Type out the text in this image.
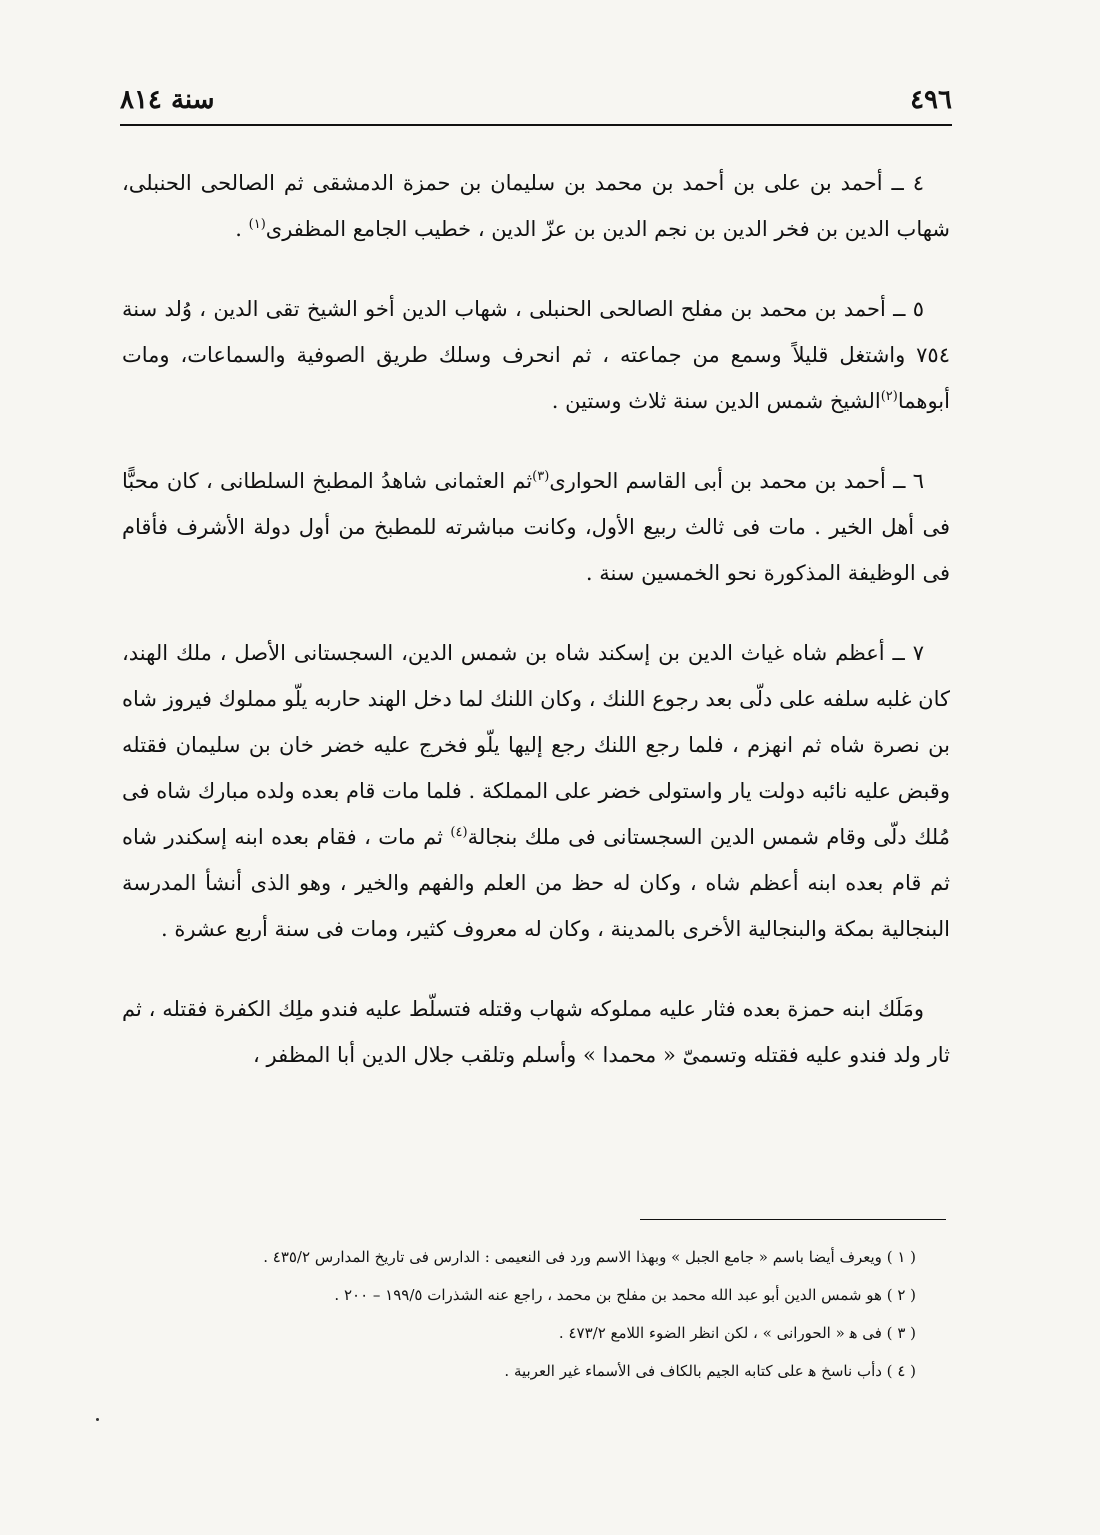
٤٩٦
سنة ٨١٤

٤ ــ أحمد بن على بن أحمد بن محمد بن سليمان بن حمزة الدمشقى ثم الصالحى الحنبلى، شهاب الدين بن فخر الدين بن نجم الدين بن عزّ الدين ، خطيب الجامع المظفرى$^{(١)}$ .

٥ ــ أحمد بن محمد بن مفلح الصالحى الحنبلى ، شهاب الدين أخو الشيخ تقى الدين ، وُلد سنة ٧٥٤ واشتغل قليلاً وسمع من جماعته ، ثم انحرف وسلك طريق الصوفية والسماعات، ومات أبوهما$^{(٢)}$الشيخ شمس الدين سنة ثلاث وستين .

٦ ــ أحمد بن محمد بن أبى القاسم الحوارى$^{(٣)}$ثم العثمانى شاهدُ المطبخ السلطانى ، كان محبًّا فى أهل الخير . مات فى ثالث ربيع الأول، وكانت مباشرته للمطبخ من أول دولة الأشرف فأقام فى الوظيفة المذكورة نحو الخمسين سنة .

٧ ــ أعظم شاه غياث الدين بن إسكند شاه بن شمس الدين، السجستانى الأصل ، ملك الهند، كان غلبه سلفه على دلّى بعد رجوع اللنك ، وكان اللنك لما دخل الهند حاربه يلّو مملوك فيروز شاه بن نصرة شاه ثم انهزم ، فلما رجع اللنك رجع إليها يلّو فخرج عليه خضر خان بن سليمان فقتله وقبض عليه نائبه دولت يار واستولى خضر على المملكة . فلما مات قام بعده ولده مبارك شاه فى مُلك دلّى وقام شمس الدين السجستانى فى ملك بنجالة$^{(٤)}$ ثم مات ، فقام بعده ابنه إسكندر شاه ثم قام بعده ابنه أعظم شاه ، وكان له حظ من العلم والفهم والخير ، وهو الذى أنشأ المدرسة البنجالية بمكة والبنجالية الأخرى بالمدينة ، وكان له معروف كثير، ومات فى سنة أربع عشرة .

ومَلَك ابنه حمزة بعده فثار عليه مملوكه شهاب وقتله فتسلّط عليه فندو ملِك الكفرة فقتله ، ثم ثار ولد فندو عليه فقتله وتسمىّ « محمدا » وأسلم وتلقب جلال الدين أبا المظفر ،

( ١ ) ويعرف أيضا باسم « جامع الجبل » وبهذا الاسم ورد فى النعيمى : الدارس فى تاريخ المدارس ٤٣٥/٢ .
( ٢ ) هو شمس الدين أبو عبد الله محمد بن مفلح بن محمد ، راجع عنه الشذرات ١٩٩/٥ – ٢٠٠ .
( ٣ ) فى ﻫ « الحورانى » ، لكن انظر الضوء اللامع ٤٧٣/٢ .
( ٤ ) دأب ناسخ ﻫ على كتابه الجيم بالكاف فى الأسماء غير العربية .
